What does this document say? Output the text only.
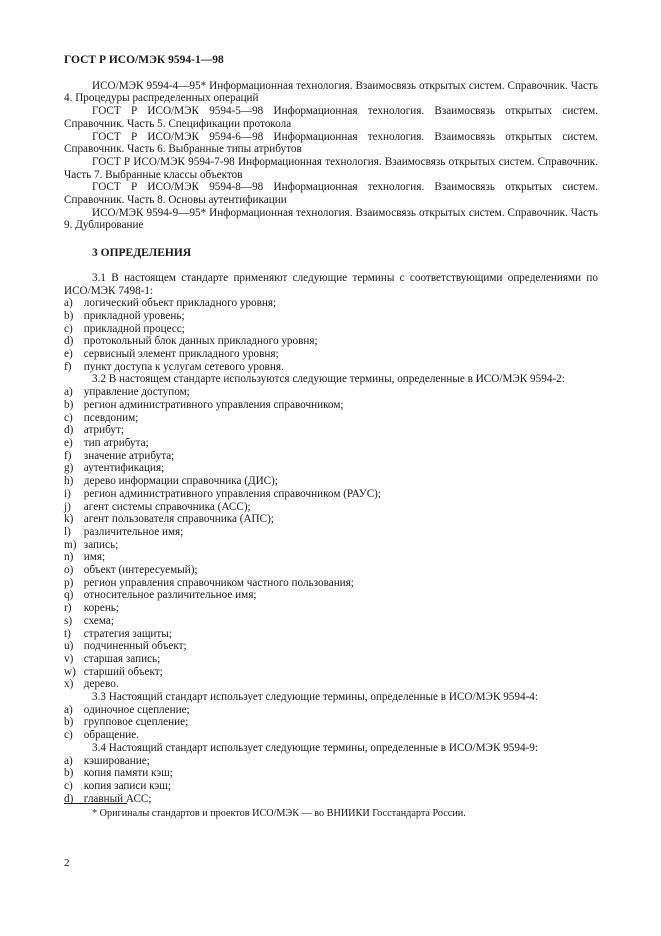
ГОСТ Р ИСО/МЭК 9594-1—98

ИСО/МЭК 9594-4—95* Информационная технология. Взаимосвязь открытых систем. Справочник. Часть 4. Процедуры распределенных операций

ГОСТ Р ИСО/МЭК 9594-5—98 Информационная технология. Взаимосвязь открытых систем. Справочник. Часть 5. Спецификации протокола

ГОСТ Р ИСО/МЭК 9594-6—98 Информационная технология. Взаимосвязь открытых систем. Справочник. Часть 6. Выбранные типы атрибутов

ГОСТ Р ИСО/МЭК 9594-7-98 Информационная технология. Взаимосвязь открытых систем. Справочник. Часть 7. Выбранные классы объектов

ГОСТ Р ИСО/МЭК 9594-8—98 Информационная технология. Взаимосвязь открытых систем. Справочник. Часть 8. Основы аутентификации

ИСО/МЭК 9594-9—95* Информационная технология. Взаимосвязь открытых систем. Справочник. Часть 9. Дублирование

3 ОПРЕДЕЛЕНИЯ

3.1 В настоящем стандарте применяют следующие термины с соответствующими определениями по ИСО/МЭК 7498-1:

a) логический объект прикладного уровня;
b) прикладной уровень;
c) прикладной процесс;
d) протокольный блок данных прикладного уровня;
e) сервисный элемент прикладного уровня;
f) пункт доступа к услугам сетевого уровня.

3.2 В настоящем стандарте используются следующие термины, определенные в ИСО/МЭК 9594-2:

a) управление доступом;
b) регион административного управления справочником;
c) псевдоним;
d) атрибут;
e) тип атрибута;
f) значение атрибута;
g) аутентификация;
h) дерево информации справочника (ДИС);
i) регион административного управления справочником (РАУС);
j) агент системы справочника (АСС);
k) агент пользователя справочника (АПС);
l) различительное имя;
m) запись;
n) имя;
o) объект (интересуемый);
p) регион управления справочником частного пользования;
q) относительное различительное имя;
r) корень;
s) схема;
t) стратегия защиты;
u) подчиненный объект;
v) старшая запись;
w) старший объект;
x) дерево.

3.3 Настоящий стандарт использует следующие термины, определенные в ИСО/МЭК 9594-4:

a) одиночное сцепление;
b) групповое сцепление;
c) обращение.

3.4 Настоящий стандарт использует следующие термины, определенные в ИСО/МЭК 9594-9:

a) кэширование;
b) копия памяти кэш;
c) копия записи кэш;
d) главный АСС;
* Оригиналы стандартов и проектов ИСО/МЭК — во ВНИИКИ Госстандарта России.
2
